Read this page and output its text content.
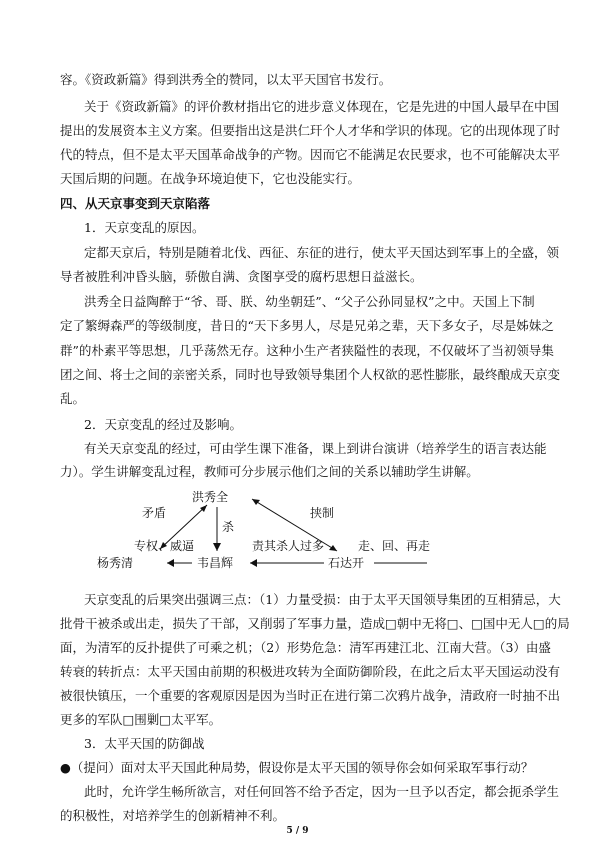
容。《资政新篇》得到洪秀全的赞同，以太平天国官书发行。
关于《资政新篇》的评价教材指出它的进步意义体现在，它是先进的中国人最早在中国
提出的发展资本主义方案。但要指出这是洪仁玕个人才华和学识的体现。它的出现体现了时
代的特点，但不是太平天国革命战争的产物。因而它不能满足农民要求，也不可能解决太平
天国后期的问题。在战争环境迫使下，它也没能实行。
四、从天京事变到天京陷落
1．天京变乱的原因。
定都天京后，特别是随着北伐、西征、东征的进行，使太平天国达到军事上的全盛，领
导者被胜利冲昏头脑，骄傲自满、贪图享受的腐朽思想日益滋长。
洪秀全日益陶醉于“爷、哥、朕、幼坐朝廷”、“父子公孙同显权”之中。天国上下制
定了繁缛森严的等级制度，昔日的“天下多男人，尽是兄弟之辈，天下多女子，尽是姊妹之
群”的朴素平等思想，几乎荡然无存。这种小生产者狭隘性的表现，不仅破坏了当初领导集
团之间、将士之间的亲密关系，同时也导致领导集团个人权欲的恶性膨胀，最终酿成天京变
乱。
2．天京变乱的经过及影响。
有关天京变乱的经过，可由学生课下准备，课上到讲台演讲（培养学生的语言表达能
力）。学生讲解变乱过程，教师可分步展示他们之间的关系以辅助学生讲解。
洪秀全
矛盾
杀
挟制
专权、威逼	责其杀人过多	走、回、再走
杨秀清	韦昌辉	石达开
天京变乱的后果突出强调三点：（1）力量受损：由于太平天国领导集团的互相猜忌，大
批骨干被杀或出走，损失了干部，又削弱了军事力量，造成□朝中无将□、□国中无人□的局
面，为清军的反扑提供了可乘之机；（2）形势危急：清军再建江北、江南大营。（3）由盛
转衰的转折点：太平天国由前期的积极进攻转为全面防御阶段，在此之后太平天国运动没有
被很快镇压，一个重要的客观原因是因为当时正在进行第二次鸦片战争，清政府一时抽不出
更多的军队□围剿□太平军。
3．太平天国的防御战
●（提问）面对太平天国此种局势，假设你是太平天国的领导你会如何采取军事行动？
此时，允许学生畅所欲言，对任何回答不给予否定，因为一旦予以否定，都会扼杀学生
的积极性，对培养学生的创新精神不利。
5 / 9
